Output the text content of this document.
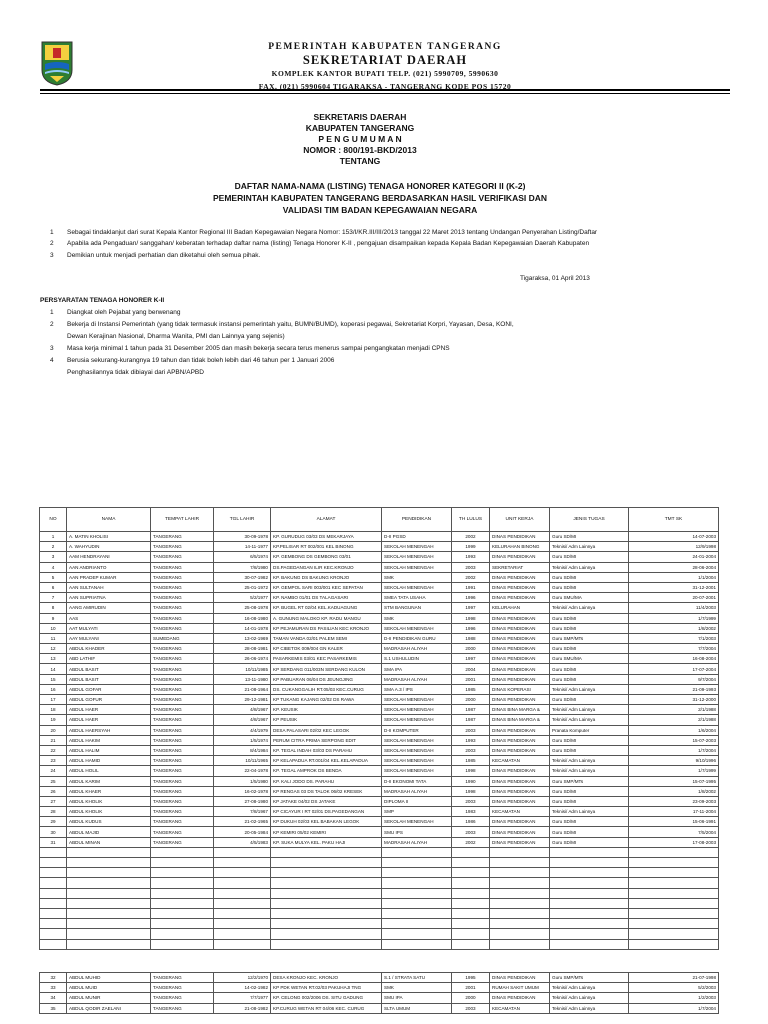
PEMERINTAH KABUPATEN TANGERANG
SEKRETARIAT DAERAH
KOMPLEK KANTOR BUPATI TELP. (021) 5990709, 5990630
FAX. (021) 5990604 TIGARAKSA - TANGERANG KODE POS 15720
SEKRETARIS DAERAH
KABUPATEN TANGERANG
P E N G U M U M A N
NOMOR : 800/191-BKD/2013
TENTANG
DAFTAR NAMA-NAMA (LISTING) TENAGA HONORER KATEGORI II (K-2)
PEMERINTAH KABUPATEN TANGERANG BERDASARKAN HASIL VERIFIKASI DAN
VALIDASI TIM BADAN KEPEGAWAIAN NEGARA
1	Sebagai tindaklanjut dari surat Kepala Kantor Regional III Badan Kepegawaian Negara Nomor: 153/I/KR.III/III/2013 tanggal 22 Maret 2013 tentang Undangan Penyerahan Listing/Daftar
2	Apabila ada Pengaduan/ sanggahan/ keberatan terhadap daftar nama (listing) Tenaga Honorer K-II , pengajuan disampaikan kepada Kepala Badan Kepegawaian Daerah Kabupaten
3	Demikian untuk menjadi perhatian dan diketahui oleh semua pihak.
Tigaraksa, 01 April 2013
PERSYARATAN TENAGA HONORER K-II
1	Diangkat oleh Pejabat yang berwenang
2	Bekerja di Instansi Pemerintah (yang tidak termasuk instansi pemerintah yaitu, BUMN/BUMD), koperasi pegawai, Sekretariat Korpri, Yayasan, Desa, KONI,
Dewan Kerajinan Nasional, Dharma Wanita, PMI dan Lainnya yang sejenis)
3	Masa kerja minimal 1 tahun pada 31 Desember 2005 dan masih bekerja secara terus menerus sampai pengangkatan menjadi CPNS
4	Berusia sekurang-kurangnya 19 tahun dan tidak boleh lebih dari 46 tahun per 1 Januari 2006
Penghasilannya tidak dibiayai dari APBN/APBD
NO	NAMA	TEMPAT LAHIR	TGL LAHIR	ALAMAT	PENDIDIKAN	TH LULUS	UNIT KERJA	JENIS TUGAS	TMT SK
1	A. MATIN KHOLISI	TANGERANG	30-09-1978	KP. GURUDUG 03/03 DS MEKARJAYA	D-II PGSD	2002	DINAS PENDIDIKAN	Guru SD/MI	14-07-2003
2	A. WAHYUDIN	TANGERANG	14-11-1977	KP.PELISAR RT 002/001 KEL BINONG	SEKOLAH MENENGAH	1999	KELURAHAN BINONG	Teknisi/ Adm Lainnya	12/9/1998
3	AAM HENDRAYANI	TANGERANG	6/5/1974	KP. GEMBONG DS GEMBONG 03/01	SEKOLAH MENENGAH	1993	DINAS PENDIDIKAN	Guru SD/MI	24-01-2004
4	AAN ANDRIANTO	TANGERANG	7/8/1980	DS.PAGEDANGAN ILIR KEC.KRONJO	SEKOLAH MENENGAH	2003	SEKRETARIAT	Teknisi/ Adm Lainnya	28-06-2004
5	AAN PRADEP KUMAR	TANGERANG	30-07-1982	KP. BAKUNG DS BAKUNG KRONJO	SMK	2002	DINAS PENDIDIKAN	Guru SD/MI	1/1/2004
6	AAN SULTANAH	TANGERANG	25-01-1972	KP. GEMPOL SARI 003/001 KEC SEPATAN	SEKOLAH MENENGAH	1991	DINAS PENDIDIKAN	Guru SD/MI	31-12-2001
7	AAN SUPRIATNA	TANGERANG	5/2/1977	KP. NAMBO 01/01 DS TALAGASARI	SMEA TATA USAHA	1996	DINAS PENDIDIKAN	Guru SMU/MA	20-07-2001
8	AANG AMIRUDIN	TANGERANG	25-08-1978	KP. BUGEL RT 02/04 KEL.KADUAGUNG	STM BANGUNAN	1997	KELURAHAN	Teknisi/ Adm Lainnya	11/4/2003
9	AAS	TANGERANG	16-08-1980	A. GUNUNG MALOKO KP. RADU MANGU	SMK	1998	DINAS PENDIDIKAN	Guru SD/MI	1/7/1999
10	AAT MULYATI	TANGERANG	14-01-1978	KP PEJAMURAN DS PASILIAN KEC KRONJO	SEKOLAH MENENGAH	1996	DINAS PENDIDIKAN	Guru SD/MI	1/8/2002
11	AAY MULYANI	SUMEDANG	13-02-1969	TAMAN VANDA 02/01 PALEM SEMI	D-II PENDIDIKAN GURU	1988	DINAS PENDIDIKAN	Guru SMP/MTs	7/1/2003
12	ABDUL KHADER	TANGERANG	28-08-1981	KP CIBETOK 009/004 GN KALER	MADRASAH ALIYAH	2000	DINAS PENDIDIKAN	Guru SD/MI	7/7/2004
13	ABD LATHIF	TANGERANG	26-06-1974	PASARKEMIS 03/01 KEC PASARKEMIS	S.1 USHULUDIN	1997	DINAS PENDIDIKAN	Guru SMU/MA	16-08-2004
14	ABDUL BASIT	TANGERANG	10/11/1985	KP SERDANG 011/003N SERDANG KULON	SMA IPA	2004	DINAS PENDIDIKAN	Guru SD/MI	17-07-2004
15	ABDUL BASIT	TANGERANG	13-11-1980	KP PABUARAN 06/04 DS JEUNGJING	MADRASAH ALIYAH	2001	DINAS PENDIDIKAN	Guru SD/MI	9/7/2004
16	ABDUL GOFAR	TANGERANG	21-08-1964	DS. CUKANGGALIH RT.05/03 KEC.CURUG	SMA A.3 / IPS	1985	DINAS KOPERASI	Teknisi/ Adm Lainnya	21-09-1993
17	ABDUL GOFUR	TANGERANG	29-12-1981	KP TUKANG KAJANG 02/02 DS RAWA	SEKOLAH MENENGAH	2000	DINAS PENDIDIKAN	Guru SD/MI	31-12-2000
18	ABDUL HAER	TANGERANG	4/8/1967	KP. KEUSIK	SEKOLAH MENENGAH	1987	DINAS BINA MARGA &	Teknisi/ Adm Lainnya	2/1/1988
19	ABDUL HAER	TANGERANG	4/8/1967	KP PEUSIK	SEKOLAH MENENGAH	1987	DINAS BINA MARGA &	Teknisi/ Adm Lainnya	2/1/1988
20	ABDUL HAERSYAH	TANGERANG	4/4/1979	DESA PALASARI 02/02 KEC LEGOK	D-II KOMPUTER	2003	DINAS PENDIDIKAN	Pranata Komputer	1/6/2004
21	ABDUL HAKIM	TANGERANG	1/5/1974	PERUM CITRA PRIMA SERPONG EDIT	SEKOLAH MENENGAH	1993	DINAS PENDIDIKAN	Guru SD/MI	15-07-2003
22	ABDUL HALIM	TANGERANG	8/4/1984	KP. TEGAL INDAH 03/03 DS PARAHU	SEKOLAH MENENGAH	2003	DINAS PENDIDIKAN	Guru SD/MI	1/7/2004
23	ABDUL HAMID	TANGERANG	10/11/1965	KP KELAPADUA RT.001/04 KEL.KELAPADUA	SEKOLAH MENENGAH	1985	KECAMATAN	Teknisi/ Adm Lainnya	9/10/1996
24	ABDUL HOLIL	TANGERANG	22-04-1978	KP. TEGAL AMPROK DS BENDA	SEKOLAH MENENGAH	1998	DINAS PENDIDIKAN	Teknisi/ Adm Lainnya	1/7/1999
25	ABDUL KARIM	TANGERANG	1/5/1980	KP. KALI JODO DS. PARAHU	D-II EKONOMI TATA	1990	DINAS PENDIDIKAN	Guru SMP/MTs	15-07-1995
26	ABDUL KHAER	TANGERANG	16-02-1978	KP RENGAS 03 DS TALOK 06/02 KRESEK	MADRASAH ALIYAH	1998	DINAS PENDIDIKAN	Guru SD/MI	1/8/2002
27	ABDUL KHOLIK	TANGERANG	27-08-1980	KP JATAKE 04/02 DS JATAKE	DIPLOMA II	2003	DINAS PENDIDIKAN	Guru SD/MI	23-09-2003
28	ABDUL KHOLIK	TANGERANG	7/8/1967	KP CICAYUR I RT 02/01 DS.PAGEDANGAN	SMP	1983	KECAMATAN	Teknisi/ Adm Lainnya	17-11-2004
29	ABDUL KUDUS	TANGERANG	21-02-1965	KP DUKUH 02/03 KEL BABAKAN LEGOK	SEKOLAH MENENGAH	1986	DINAS PENDIDIKAN	Guru SD/MI	15-06-1991
30	ABDUL MAJID	TANGERANG	20-05-1984	KP KEMIRI 05/02 KEMIRI	SMU IPS	2003	DINAS PENDIDIKAN	Guru SD/MI	7/5/2004
31	ABDUL MINAN	TANGERANG	4/5/1983	KP. SUKA MULYA KEL. PAKU HAJI	MADRASAH ALIYAH	2002	DINAS PENDIDIKAN	Guru SD/MI	17-08-2003

32	ABDUL MUHID	TANGERANG	12/2/1970	DESA KRONJO KEC. KRONJO	S.1 / STRATA SATU	1995	DINAS PENDIDIKAN	Guru SMP/MTs	21-07-1998
33	ABDUL MUID	TANGERANG	14-02-1982	KP PDK WETAN RT.02/03 PAKUHAJI TNG	SMK	2001	RUMAH SAKIT UMUM	Teknisi/ Adm Lainnya	5/2/2003
34	ABDUL MUNIR	TANGERANG	7/7/1977	KP. CELONG 002/2006 DS. SITU GADUNG	SMU IPA	2000	DINAS PENDIDIKAN	Teknisi/ Adm Lainnya	1/2/2003
35	ABDUL QODIR ZAELANI	TANGERANG	21-08-1982	KP.CURUG WETAN RT 04/06 KEC. CURUG	SLTA UMUM	2003	KECAMATAN	Teknisi/ Adm Lainnya	1/7/2004
